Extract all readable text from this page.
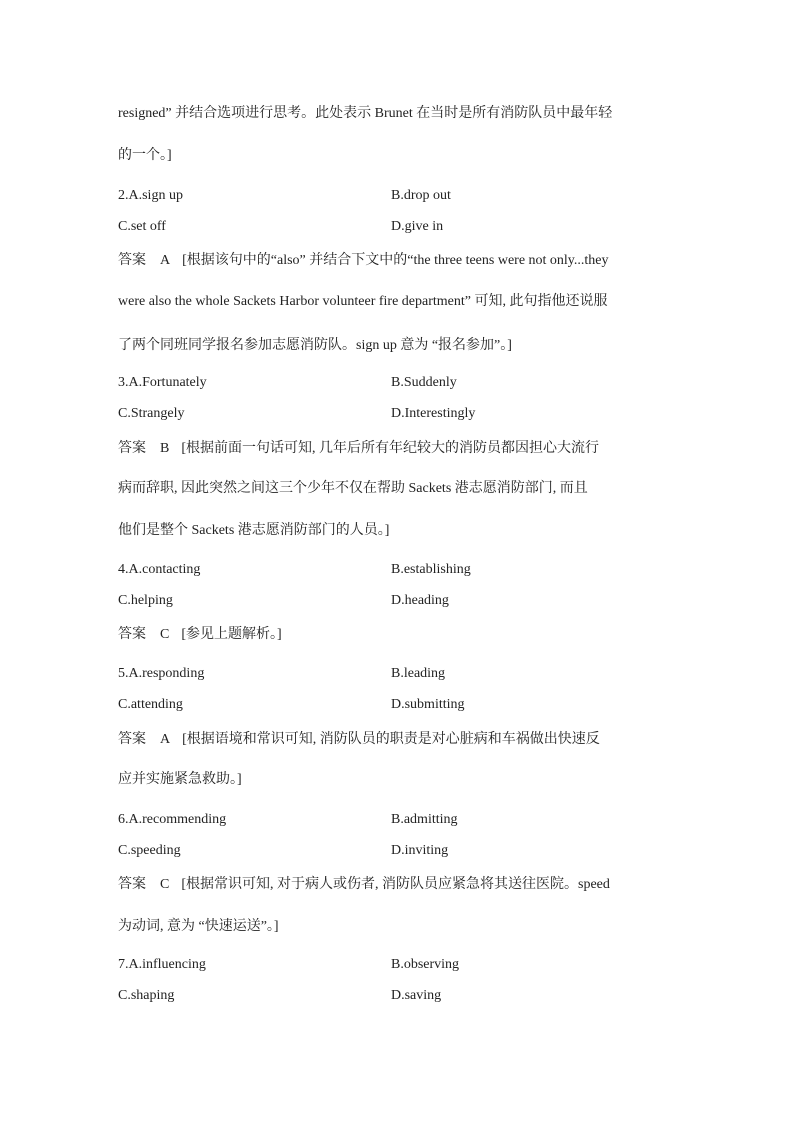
resigned” 并结合选项进行思考。此处表示 Brunet 在当时是所有消防队员中最年轻
的一个。]
2.A.sign up	B.drop out
C.set off	D.give in
答案 A [根据该句中的“also” 并结合下文中的“the three teens were not only...they
were also the whole Sackets Harbor volunteer fire department” 可知, 此句指他还说服
了两个同班同学报名参加志愿消防队。sign up 意为 “报名参加”。]
3.A.Fortunately	B.Suddenly
C.Strangely	D.Interestingly
答案 B [根据前面一句话可知, 几年后所有年纪较大的消防员都因担心大流行
病而辞职, 因此突然之间这三个少年不仅在帮助 Sackets 港志愿消防部门, 而且
他们是整个 Sackets 港志愿消防部门的人员。]
4.A.contacting	B.establishing
C.helping	D.heading
答案 C [参见上题解析。]
5.A.responding	B.leading
C.attending	D.submitting
答案 A [根据语境和常识可知, 消防队员的职责是对心脏病和车祸做出快速反
应并实施紧急救助。]
6.A.recommending	B.admitting
C.speeding	D.inviting
答案 C [根据常识可知, 对于病人或伤者, 消防队员应紧急将其送往医院。speed
为动词, 意为 “快速运送”。]
7.A.influencing	B.observing
C.shaping	D.saving
